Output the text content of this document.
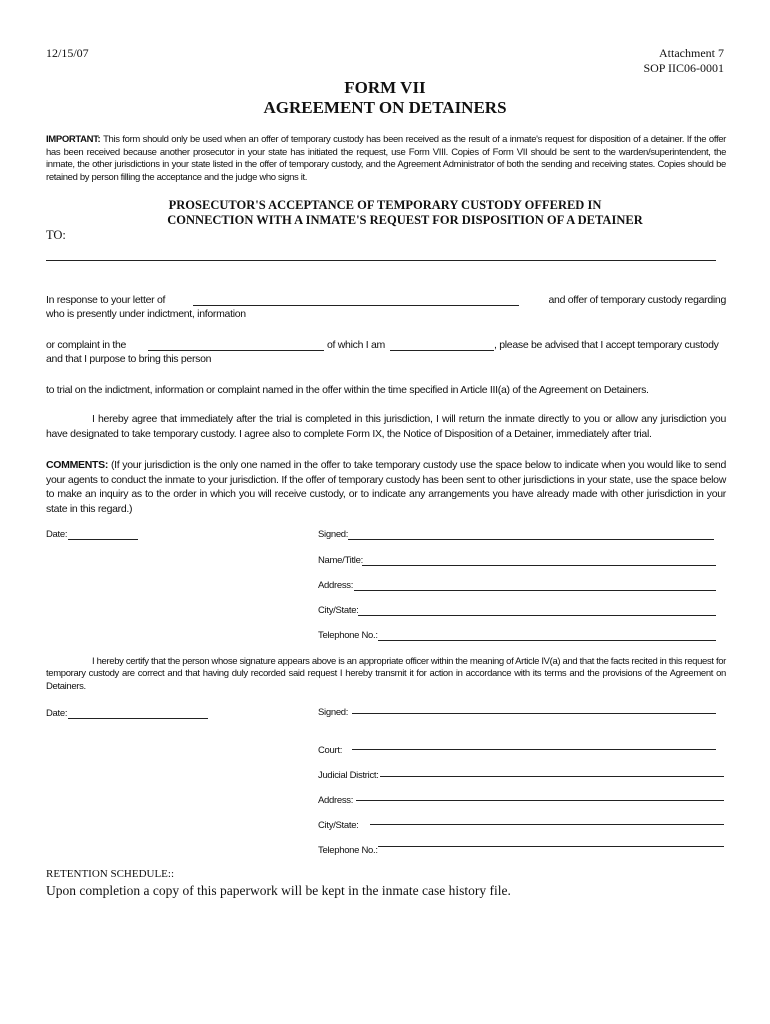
12/15/07	Attachment 7
SOP IIC06-0001
FORM VII
AGREEMENT ON DETAINERS
IMPORTANT: This form should only be used when an offer of temporary custody has been received as the result of a inmate's request for disposition of a detainer. If the offer has been received because another prosecutor in your state has initiated the request, use Form VIII. Copies of Form VII should be sent to the warden/superintendent, the inmate, the other jurisdictions in your state listed in the offer of temporary custody, and the Agreement Administrator of both the sending and receiving states. Copies should be retained by person filling the acceptance and the judge who signs it.
PROSECUTOR'S ACCEPTANCE OF TEMPORARY CUSTODY OFFERED IN
CONNECTION WITH A INMATE'S REQUEST FOR DISPOSITION OF A DETAINER
TO:
In response to your letter of	and offer of temporary custody regarding
who is presently under indictment, information
or complaint in the	of which I am	, please be advised that I accept temporary custody
and that I purpose to bring this person
to trial on the indictment, information or complaint named in the offer within the time specified in Article III(a) of the Agreement on Detainers.
I hereby agree that immediately after the trial is completed in this jurisdiction, I will return the inmate directly to you or allow any jurisdiction you have designated to take temporary custody. I agree also to complete Form IX, the Notice of Disposition of a Detainer, immediately after trial.
COMMENTS: (If your jurisdiction is the only one named in the offer to take temporary custody use the space below to indicate when you would like to send your agents to conduct the inmate to your jurisdiction. If the offer of temporary custody has been sent to other jurisdictions in your state, use the space below to make an inquiry as to the order in which you will receive custody, or to indicate any arrangements you have already made with other jurisdiction in your state in this regard.)
Date:	Signed:
Name/Title:
Address:
City/State:
Telephone No.:
I hereby certify that the person whose signature appears above is an appropriate officer within the meaning of Article IV(a) and that the facts recited in this request for temporary custody are correct and that having duly recorded said request I hereby transmit it for action in accordance with its terms and the provisions of the Agreement on Detainers.
Date:	Signed:
Court:
Judicial District:
Address:
City/State:
Telephone No.:
RETENTION SCHEDULE::
Upon completion a copy of this paperwork will be kept in the inmate case history file.
